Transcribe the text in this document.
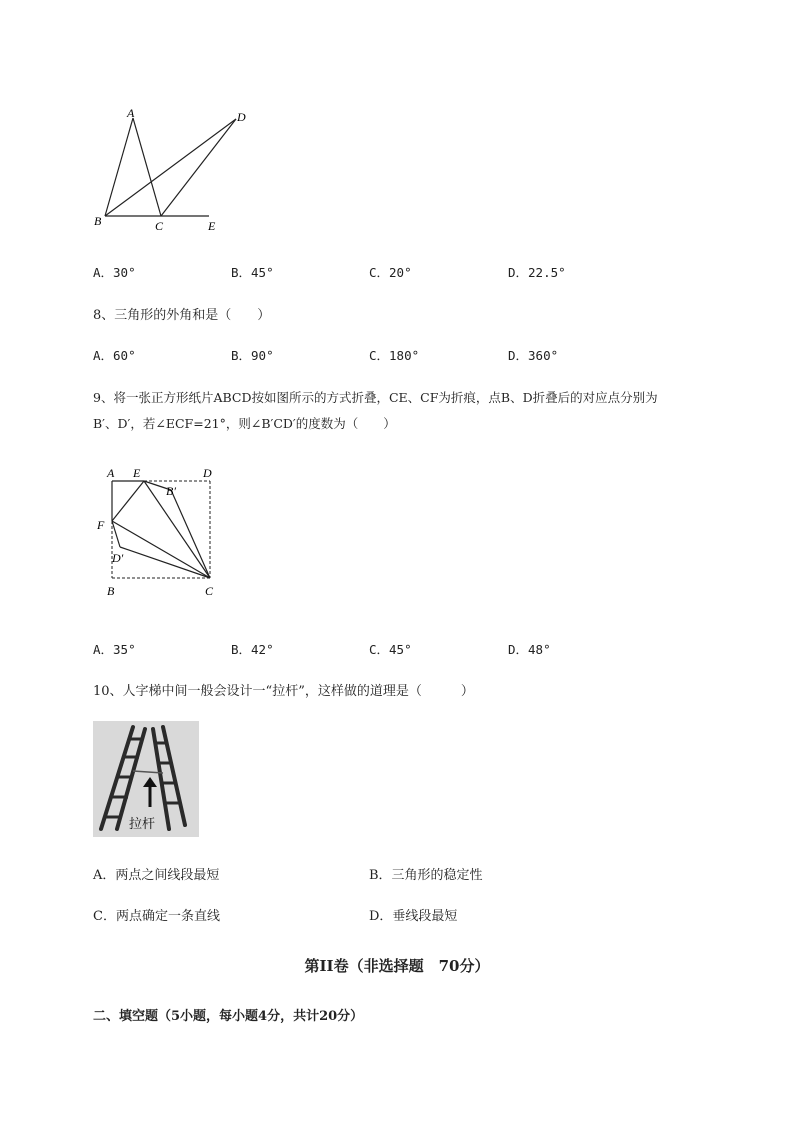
A	D
B	C	E
A．30°	B．45°	C．20°	D．22.5°
8、三角形的外角和是（　　）
A．60°	B．90°	C．180°	D．360°
9、将一张正方形纸片ABCD按如图所示的方式折叠，CE、CF为折痕，点B、D折叠后的对应点分别为
B′、D′，若∠ECF=21°，则∠B′CD′的度数为（　　）
A E	D
B′
F
D′
B	C
A．35°	B．42°	C．45°	D．48°
10、人字梯中间一般会设计一“拉杆”，这样做的道理是（　　　）
拉杆
A．两点之间线段最短	B．三角形的稳定性
C．两点确定一条直线	D．垂线段最短
第II卷（非选择题　70分）
二、填空题（5小题，每小题4分，共计20分）
